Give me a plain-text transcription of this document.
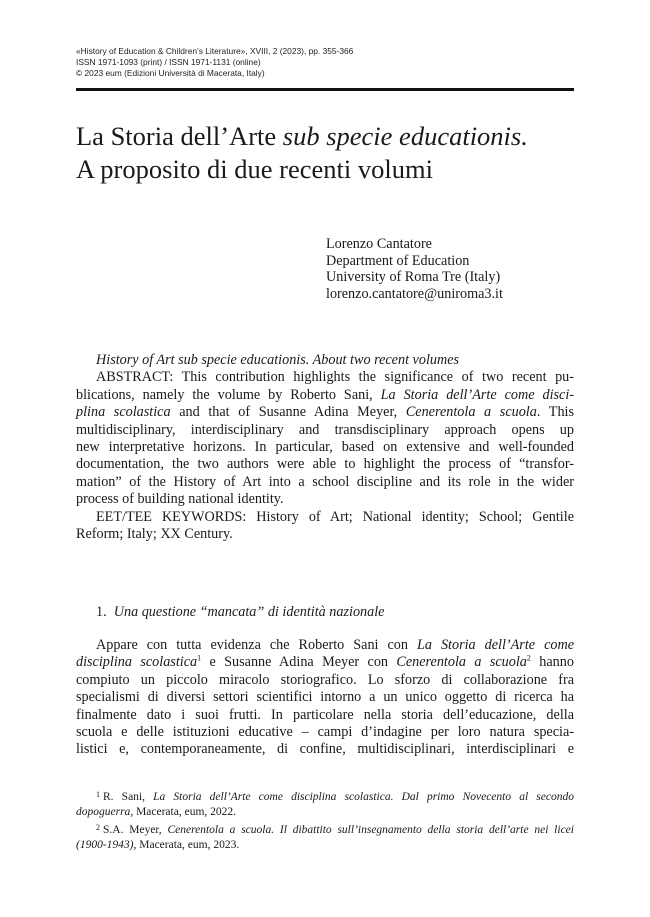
«History of Education & Children’s Literature», XVIII, 2 (2023), pp. 355-366
ISSN 1971-1093 (print) / ISSN 1971-1131 (online)
© 2023 eum (Edizioni Università di Macerata, Italy)
La Storia dell’Arte sub specie educationis.
A proposito di due recenti volumi
Lorenzo Cantatore
Department of Education
University of Roma Tre (Italy)
lorenzo.cantatore@uniroma3.it

History of Art sub specie educationis. About two recent volumes

ABSTRACT: This contribution highlights the significance of two recent pu-

blications, namely the volume by Roberto Sani, La Storia dell’Arte come disci-

plina scolastica and that of Susanne Adina Meyer, Cenerentola a scuola. This

multidisciplinary, interdisciplinary and transdisciplinary approach opens up

new interpretative horizons. In particular, based on extensive and well-founded

documentation, the two authors were able to highlight the process of “transfor-

mation” of the History of Art into a school discipline and its role in the wider

process of building national identity.

EET/TEE KEYWORDS: History of Art; National identity; School; Gentile

Reform; Italy; XX Century.

1. Una questione “mancata” di identità nazionale

Appare con tutta evidenza che Roberto Sani con La Storia dell’Arte come

disciplina scolastica$^1$ e Susanne Adina Meyer con Cenerentola a scuola$^2$ hanno

compiuto un piccolo miracolo storiografico. Lo sforzo di collaborazione fra

specialismi di diversi settori scientifici intorno a un unico oggetto di ricerca ha

finalmente dato i suoi frutti. In particolare nella storia dell’educazione, della

scuola e delle istituzioni educative – campi d’indagine per loro natura specia-

listici e, contemporaneamente, di confine, multidisciplinari, interdisciplinari e

$^1$ R. Sani, La Storia dell’Arte come disciplina scolastica. Dal primo Novecento al secondo

dopoguerra, Macerata, eum, 2022.

$^2$ S.A. Meyer, Cenerentola a scuola. Il dibattito sull’insegnamento della storia dell’arte nei licei

(1900-1943), Macerata, eum, 2023.
